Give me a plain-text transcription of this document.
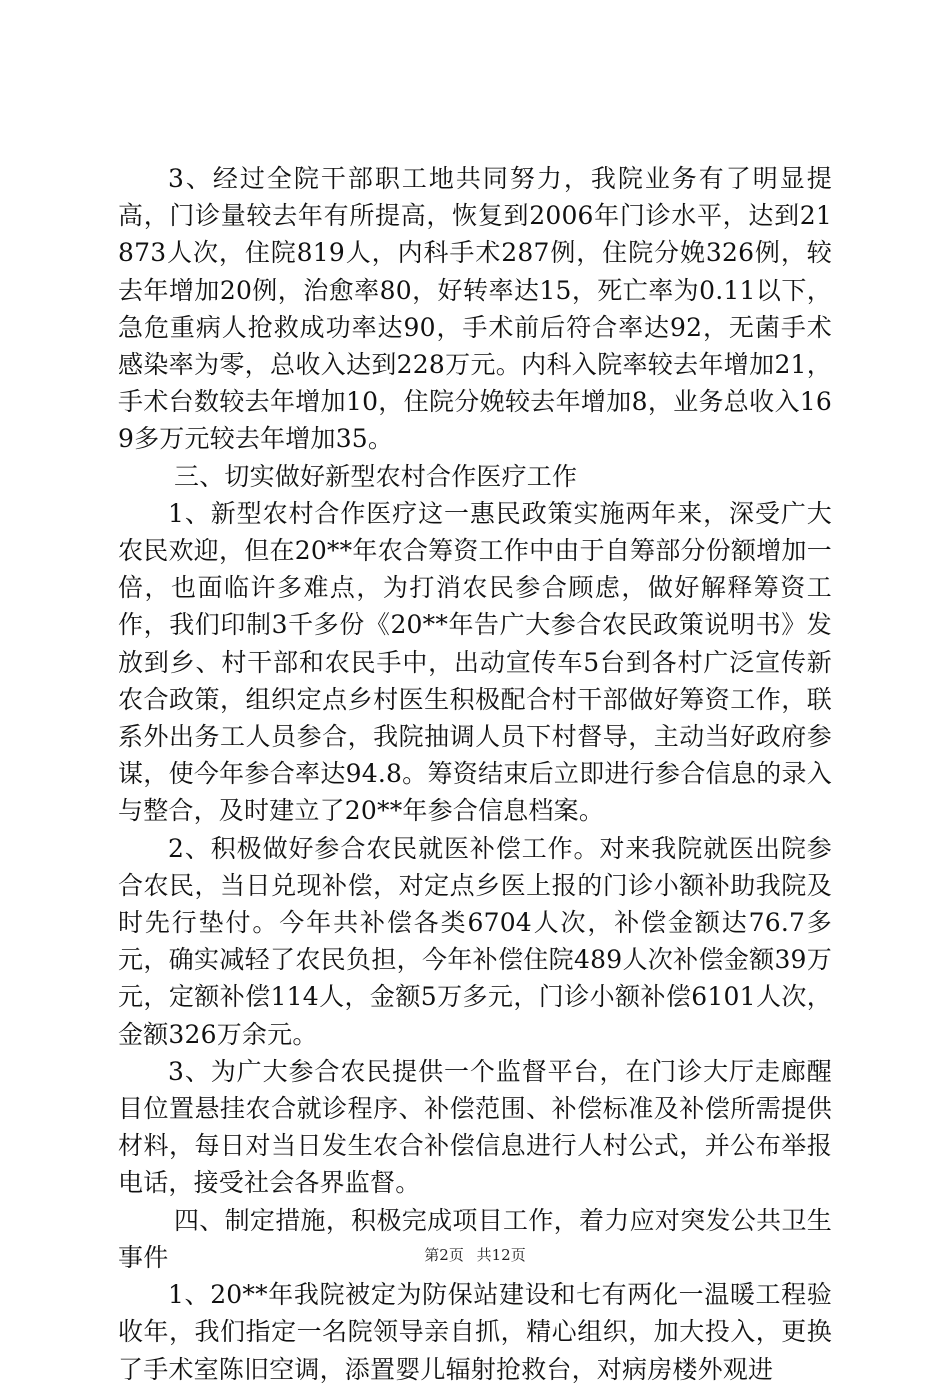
3、经过全院干部职工地共同努力，我院业务有了明显提高，门诊量较去年有所提高，恢复到2006年门诊水平，达到21873人次，住院819人，内科手术287例，住院分娩326例，较去年增加20例，治愈率80，好转率达15，死亡率为0.11以下，急危重病人抢救成功率达90，手术前后符合率达92，无菌手术感染率为零，总收入达到228万元。内科入院率较去年增加21，手术台数较去年增加10，住院分娩较去年增加8，业务总收入169多万元较去年增加35。

三、切实做好新型农村合作医疗工作

1、新型农村合作医疗这一惠民政策实施两年来，深受广大农民欢迎，但在20**年农合筹资工作中由于自筹部分份额增加一倍，也面临许多难点，为打消农民参合顾虑，做好解释筹资工作，我们印制3千多份《20**年告广大参合农民政策说明书》发放到乡、村干部和农民手中，出动宣传车5台到各村广泛宣传新农合政策，组织定点乡村医生积极配合村干部做好筹资工作，联系外出务工人员参合，我院抽调人员下村督导，主动当好政府参谋，使今年参合率达94.8。筹资结束后立即进行参合信息的录入与整合，及时建立了20**年参合信息档案。

2、积极做好参合农民就医补偿工作。对来我院就医出院参合农民，当日兑现补偿，对定点乡医上报的门诊小额补助我院及时先行垫付。今年共补偿各类6704人次，补偿金额达76.7多元，确实减轻了农民负担，今年补偿住院489人次补偿金额39万元，定额补偿114人，金额5万多元，门诊小额补偿6101人次，金额326万余元。

3、为广大参合农民提供一个监督平台，在门诊大厅走廊醒目位置悬挂农合就诊程序、补偿范围、补偿标准及补偿所需提供材料，每日对当日发生农合补偿信息进行人村公式，并公布举报电话，接受社会各界监督。

四、制定措施，积极完成项目工作，着力应对突发公共卫生事件

1、20**年我院被定为防保站建设和七有两化一温暖工程验收年，我们指定一名院领导亲自抓，精心组织，加大投入，更换了手术室陈旧空调，添置婴儿辐射抢救台，对病房楼外观进

第2页 共12页
